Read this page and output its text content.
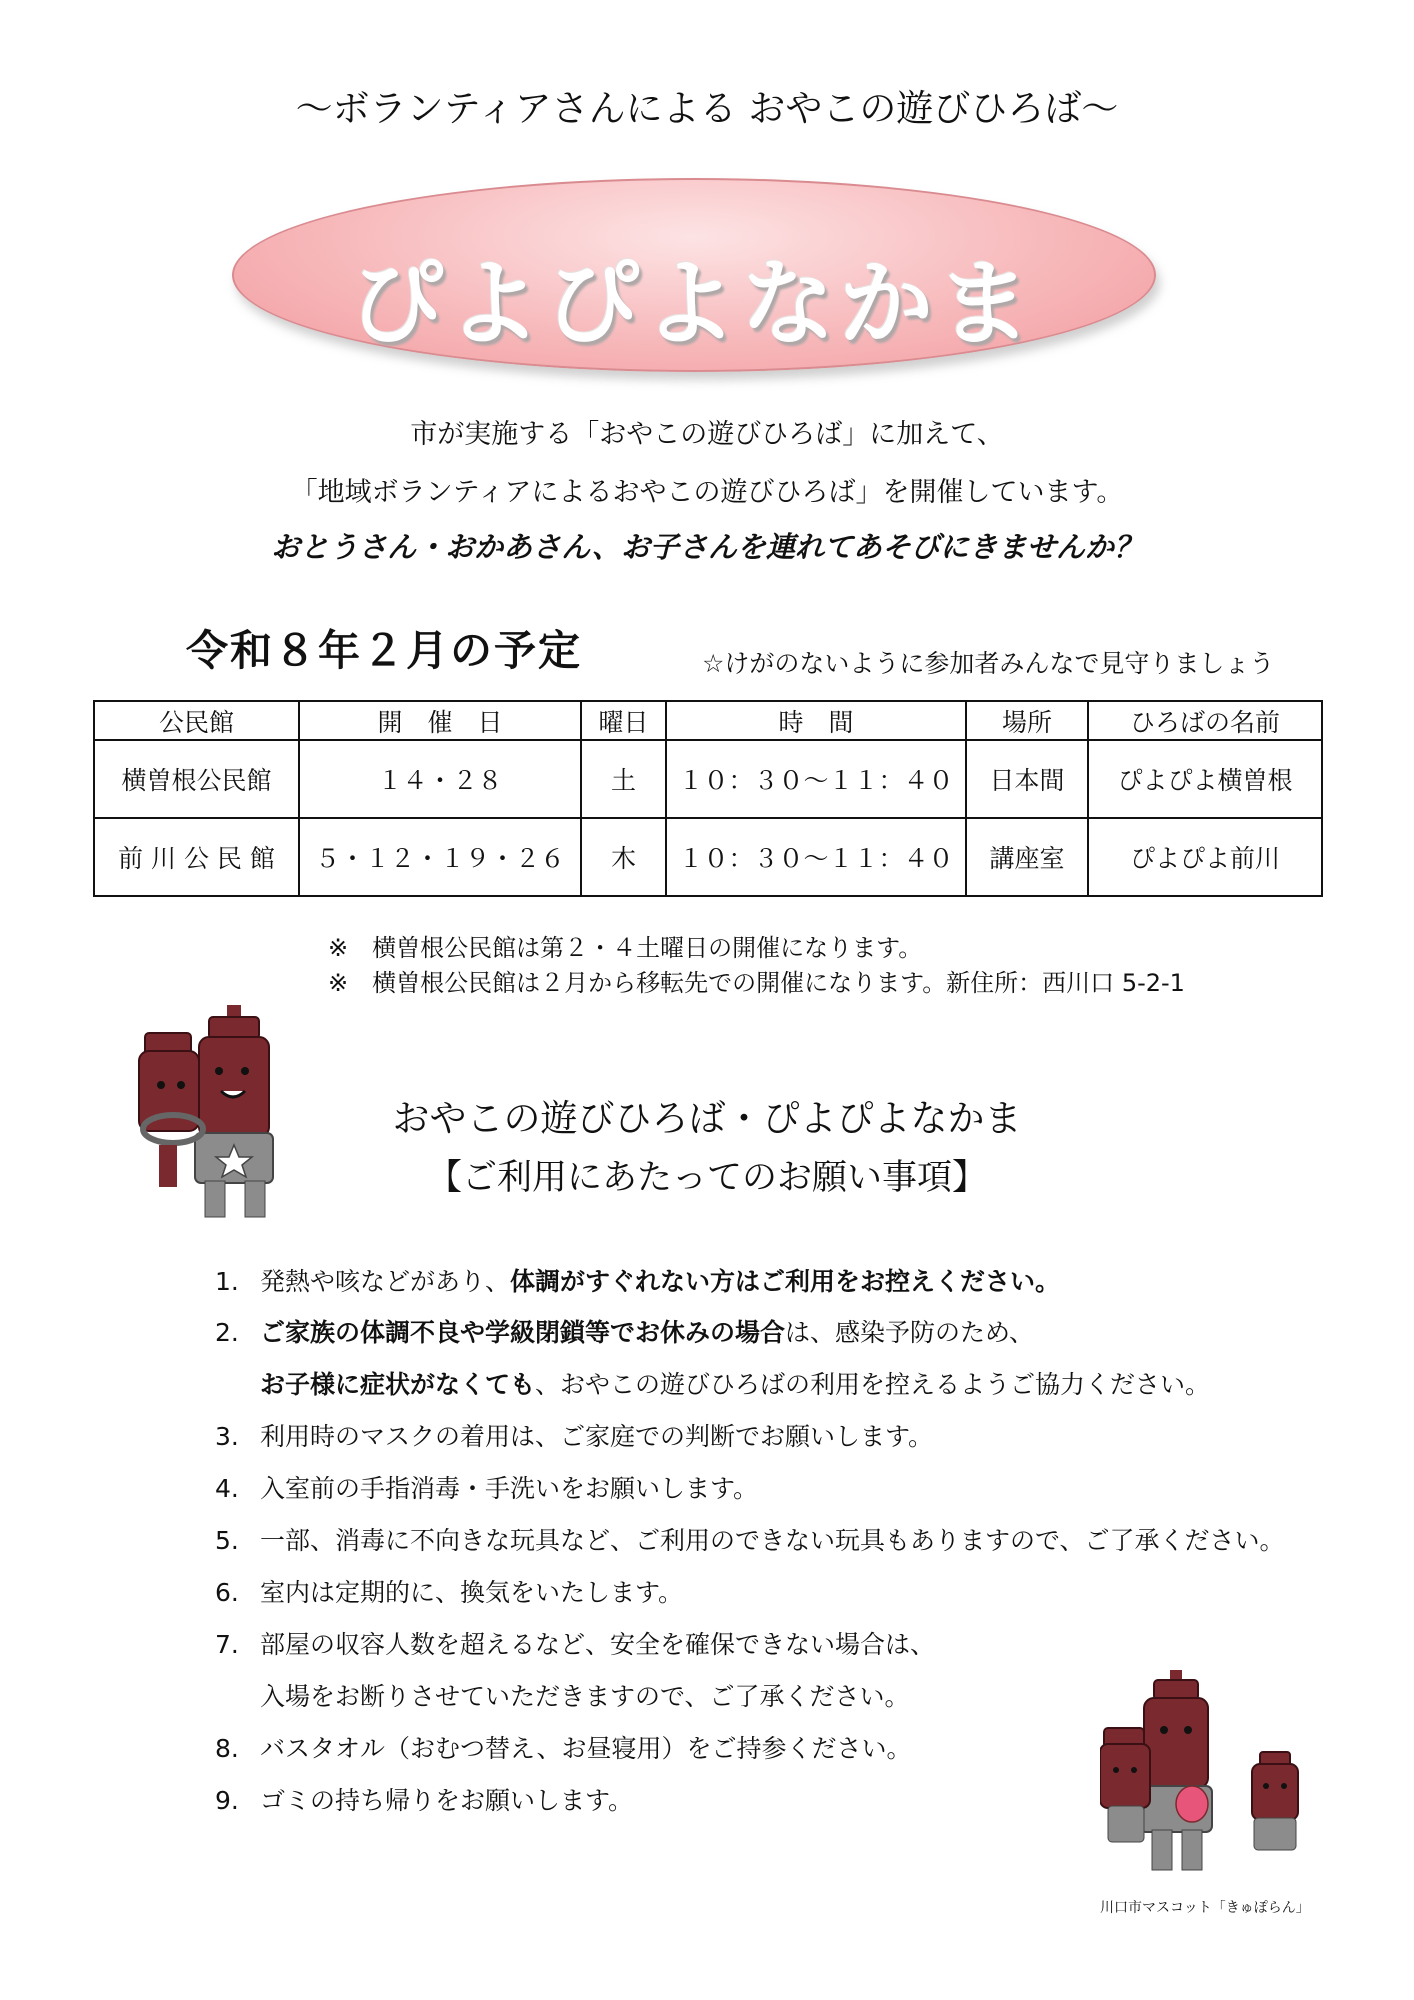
～ボランティアさんによる おやこの遊びひろば～
ぴよぴよなかま
市が実施する「おやこの遊びひろば」に加えて、
「地域ボランティアによるおやこの遊びひろば」を開催しています。
おとうさん・おかあさん、お子さんを連れてあそびにきませんか？
令和８年２月の予定	☆けがのないように参加者みんなで見守りましょう
公民館	開　催　日	曜日	時　間	場所	ひろばの名前
横曽根公民館	１４・２８	土	１０：３０～１１：４０	日本間	ぴよぴよ横曽根
前 川 公 民 館	５・１２・１９・２６	木	１０：３０～１１：４０	講座室	ぴよぴよ前川
※　横曽根公民館は第２・４土曜日の開催になります。
※　横曽根公民館は２月から移転先での開催になります。新住所：西川口 5-2-1
おやこの遊びひろば・ぴよぴよなかま
【ご利用にあたってのお願い事項】
1. 発熱や咳などがあり、体調がすぐれない方はご利用をお控えください。
2. ご家族の体調不良や学級閉鎖等でお休みの場合は、感染予防のため、
お子様に症状がなくても、おやこの遊びひろばの利用を控えるようご協力ください。
3. 利用時のマスクの着用は、ご家庭での判断でお願いします。
4. 入室前の手指消毒・手洗いをお願いします。
5. 一部、消毒に不向きな玩具など、ご利用のできない玩具もありますので、ご了承ください。
6. 室内は定期的に、換気をいたします。
7. 部屋の収容人数を超えるなど、安全を確保できない場合は、
入場をお断りさせていただきますので、ご了承ください。
8. バスタオル（おむつ替え、お昼寝用）をご持参ください。
9. ゴミの持ち帰りをお願いします。
川口市マスコット「きゅぽらん」
